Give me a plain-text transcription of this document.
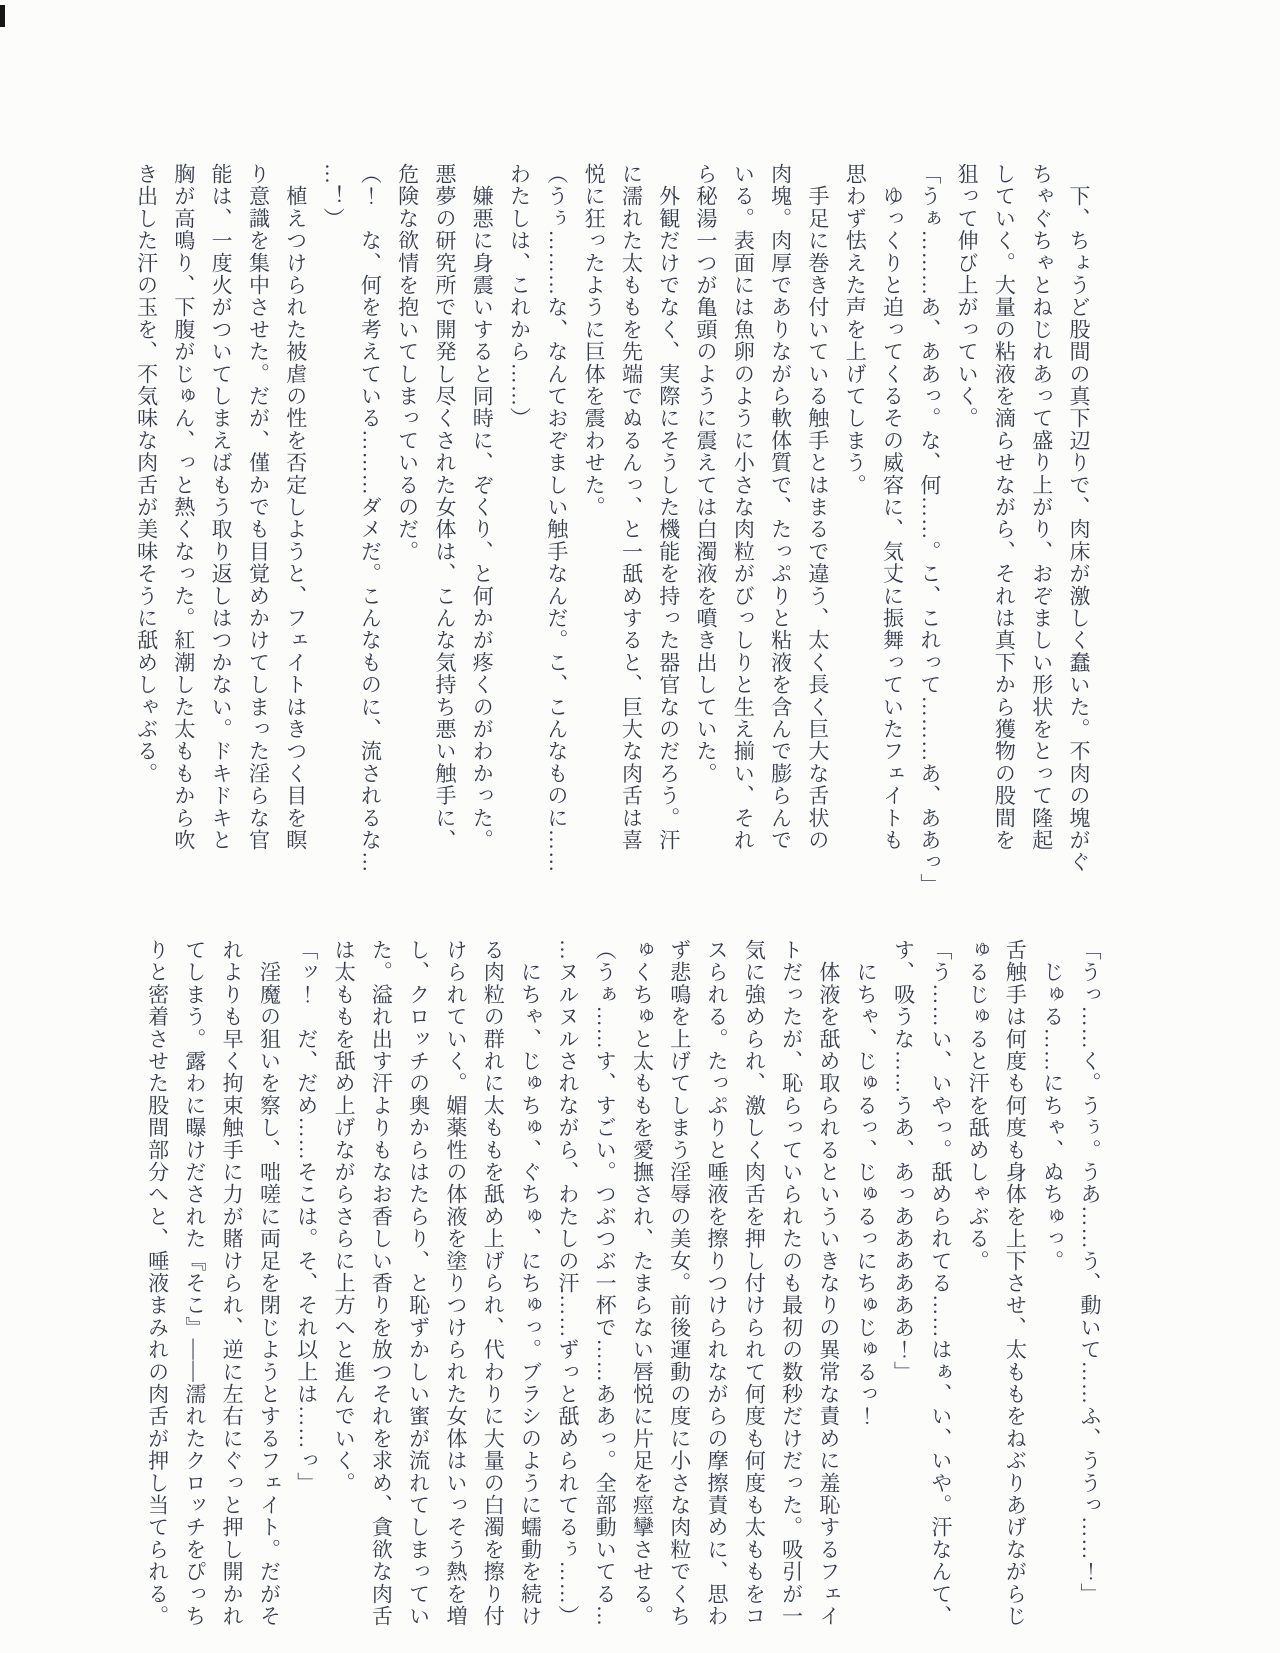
　下、ちょうど股間の真下辺りで、肉床が激しく蠢いた。不肉の塊がぐ
ちゃぐちゃとねじれあって盛り上がり、おぞましい形状をとって隆起
していく。大量の粘液を滴らせながら、それは真下から獲物の股間を
狙って伸び上がっていく。
「うぁ………あ、ああっ。な、何……。こ、これって………あ、ああっ」
　ゆっくりと迫ってくるその威容に、気丈に振舞っていたフェイトも
思わず怯えた声を上げてしまう。
　手足に巻き付いている触手とはまるで違う、太く長く巨大な舌状の
肉塊。肉厚でありながら軟体質で、たっぷりと粘液を含んで膨らんで
いる。表面には魚卵のように小さな肉粒がびっしりと生え揃い、それ
ら秘湯一つが亀頭のように震えては白濁液を噴き出していた。
　外観だけでなく、実際にそうした機能を持った器官なのだろう。汗
に濡れた太ももを先端でぬるんっ、と一舐めすると、巨大な肉舌は喜
悦に狂ったように巨体を震わせた。
（うぅ………な、なんておぞましい触手なんだ。こ、こんなものに……
わたしは、これから……）
　嫌悪に身震いすると同時に、ぞくり、と何かが疼くのがわかった。
悪夢の研究所で開発し尽くされた女体は、こんな気持ち悪い触手に、
危険な欲情を抱いてしまっているのだ。
（！　な、何を考えている………ダメだ。こんなものに、流されるな…
…！）
　植えつけられた被虐の性を否定しようと、フェイトはきつく目を瞑
り意識を集中させた。だが、僅かでも目覚めかけてしまった淫らな官
能は、一度火がついてしまえばもう取り返しはつかない。ドキドキと
胸が高鳴り、下腹がじゅん、っと熱くなった。紅潮した太ももから吹
き出した汗の玉を、不気味な肉舌が美味そうに舐めしゃぶる。
「うっ……く。うぅ。うあ……う、動いて……ふ、ううっ……！」
　じゅる……にちゃ、ぬちゅっ。
舌触手は何度も何度も身体を上下させ、太ももをねぶりあげながらじ
ゅるじゅると汗を舐めしゃぶる。
「う……い、いやっ。舐められてる……はぁ、い、いや。汗なんて、
す、吸うな……うあ、あっああああああ！」
　にちゃ、じゅるっ、じゅるっにちゅじゅるっ！
　体液を舐め取られるといういきなりの異常な責めに羞恥するフェイ
トだったが、恥らっていられたのも最初の数秒だけだった。吸引が一
気に強められ、激しく肉舌を押し付けられて何度も何度も太ももをコ
スられる。たっぷりと唾液を擦りつけられながらの摩擦責めに、思わ
ず悲鳴を上げてしまう淫辱の美女。前後運動の度に小さな肉粒でくち
ゅくちゅと太ももを愛撫され、たまらない唇悦に片足を痙攣させる。
（うぁ……す、すごい。つぶつぶ一杯で……ああっ。全部動いてる…
…ヌルヌルされながら、わたしの汗……ずっと舐められてるぅ……）
　にちゃ、じゅちゅ、ぐちゅ、にちゅっ。ブラシのように蠕動を続け
る肉粒の群れに太ももを舐め上げられ、代わりに大量の白濁を擦り付
けられていく。媚薬性の体液を塗りつけられた女体はいっそう熱を増
し、クロッチの奥からはたらり、と恥ずかしい蜜が流れてしまってい
た。溢れ出す汗よりもなお香しい香りを放つそれを求め、貪欲な肉舌
は太ももを舐め上げながらさらに上方へと進んでいく。
「ッ！　だ、だめ……そこは。そ、それ以上は……っ」
　淫魔の狙いを察し、咄嗟に両足を閉じようとするフェイト。だがそ
れよりも早く拘束触手に力が賭けられ、逆に左右にぐっと押し開かれ
てしまう。露わに曝けだされた『そこ』――濡れたクロッチをぴっち
りと密着させた股間部分へと、唾液まみれの肉舌が押し当てられる。
